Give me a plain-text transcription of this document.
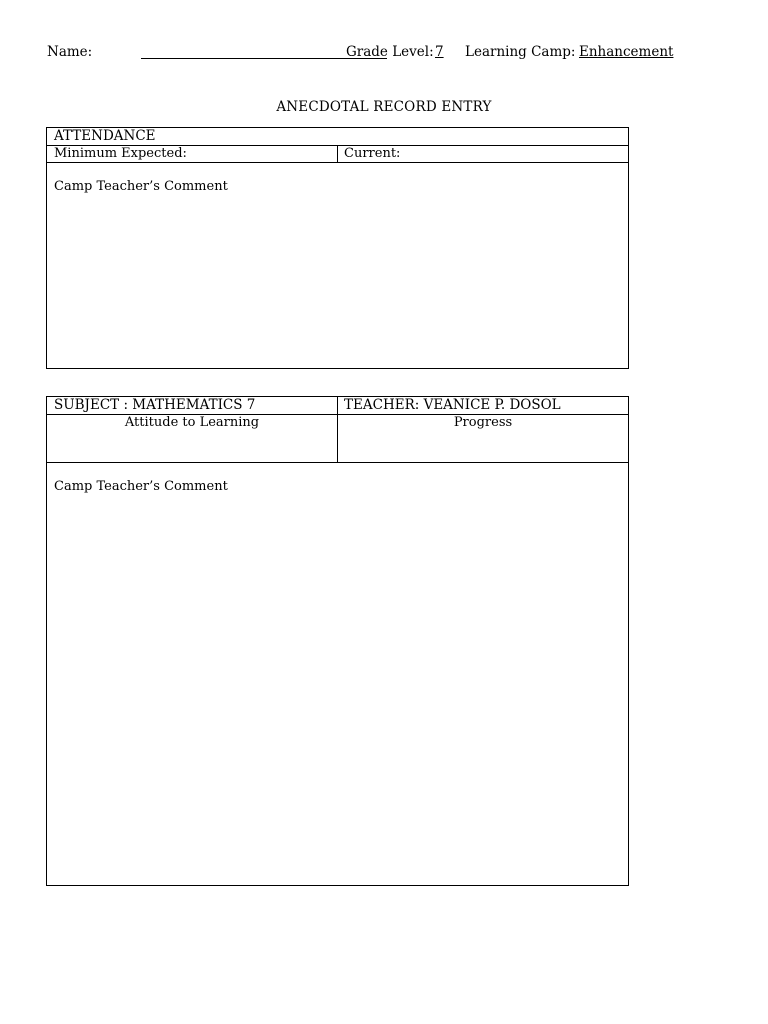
Name:	Grade Level: 7 Learning Camp: Enhancement
ANECDOTAL RECORD ENTRY
ATTENDANCE
Minimum Expected:	Current:
Camp Teacher’s Comment
SUBJECT : MATHEMATICS 7	TEACHER: VEANICE P. DOSOL
Attitude to Learning	Progress
Camp Teacher’s Comment
